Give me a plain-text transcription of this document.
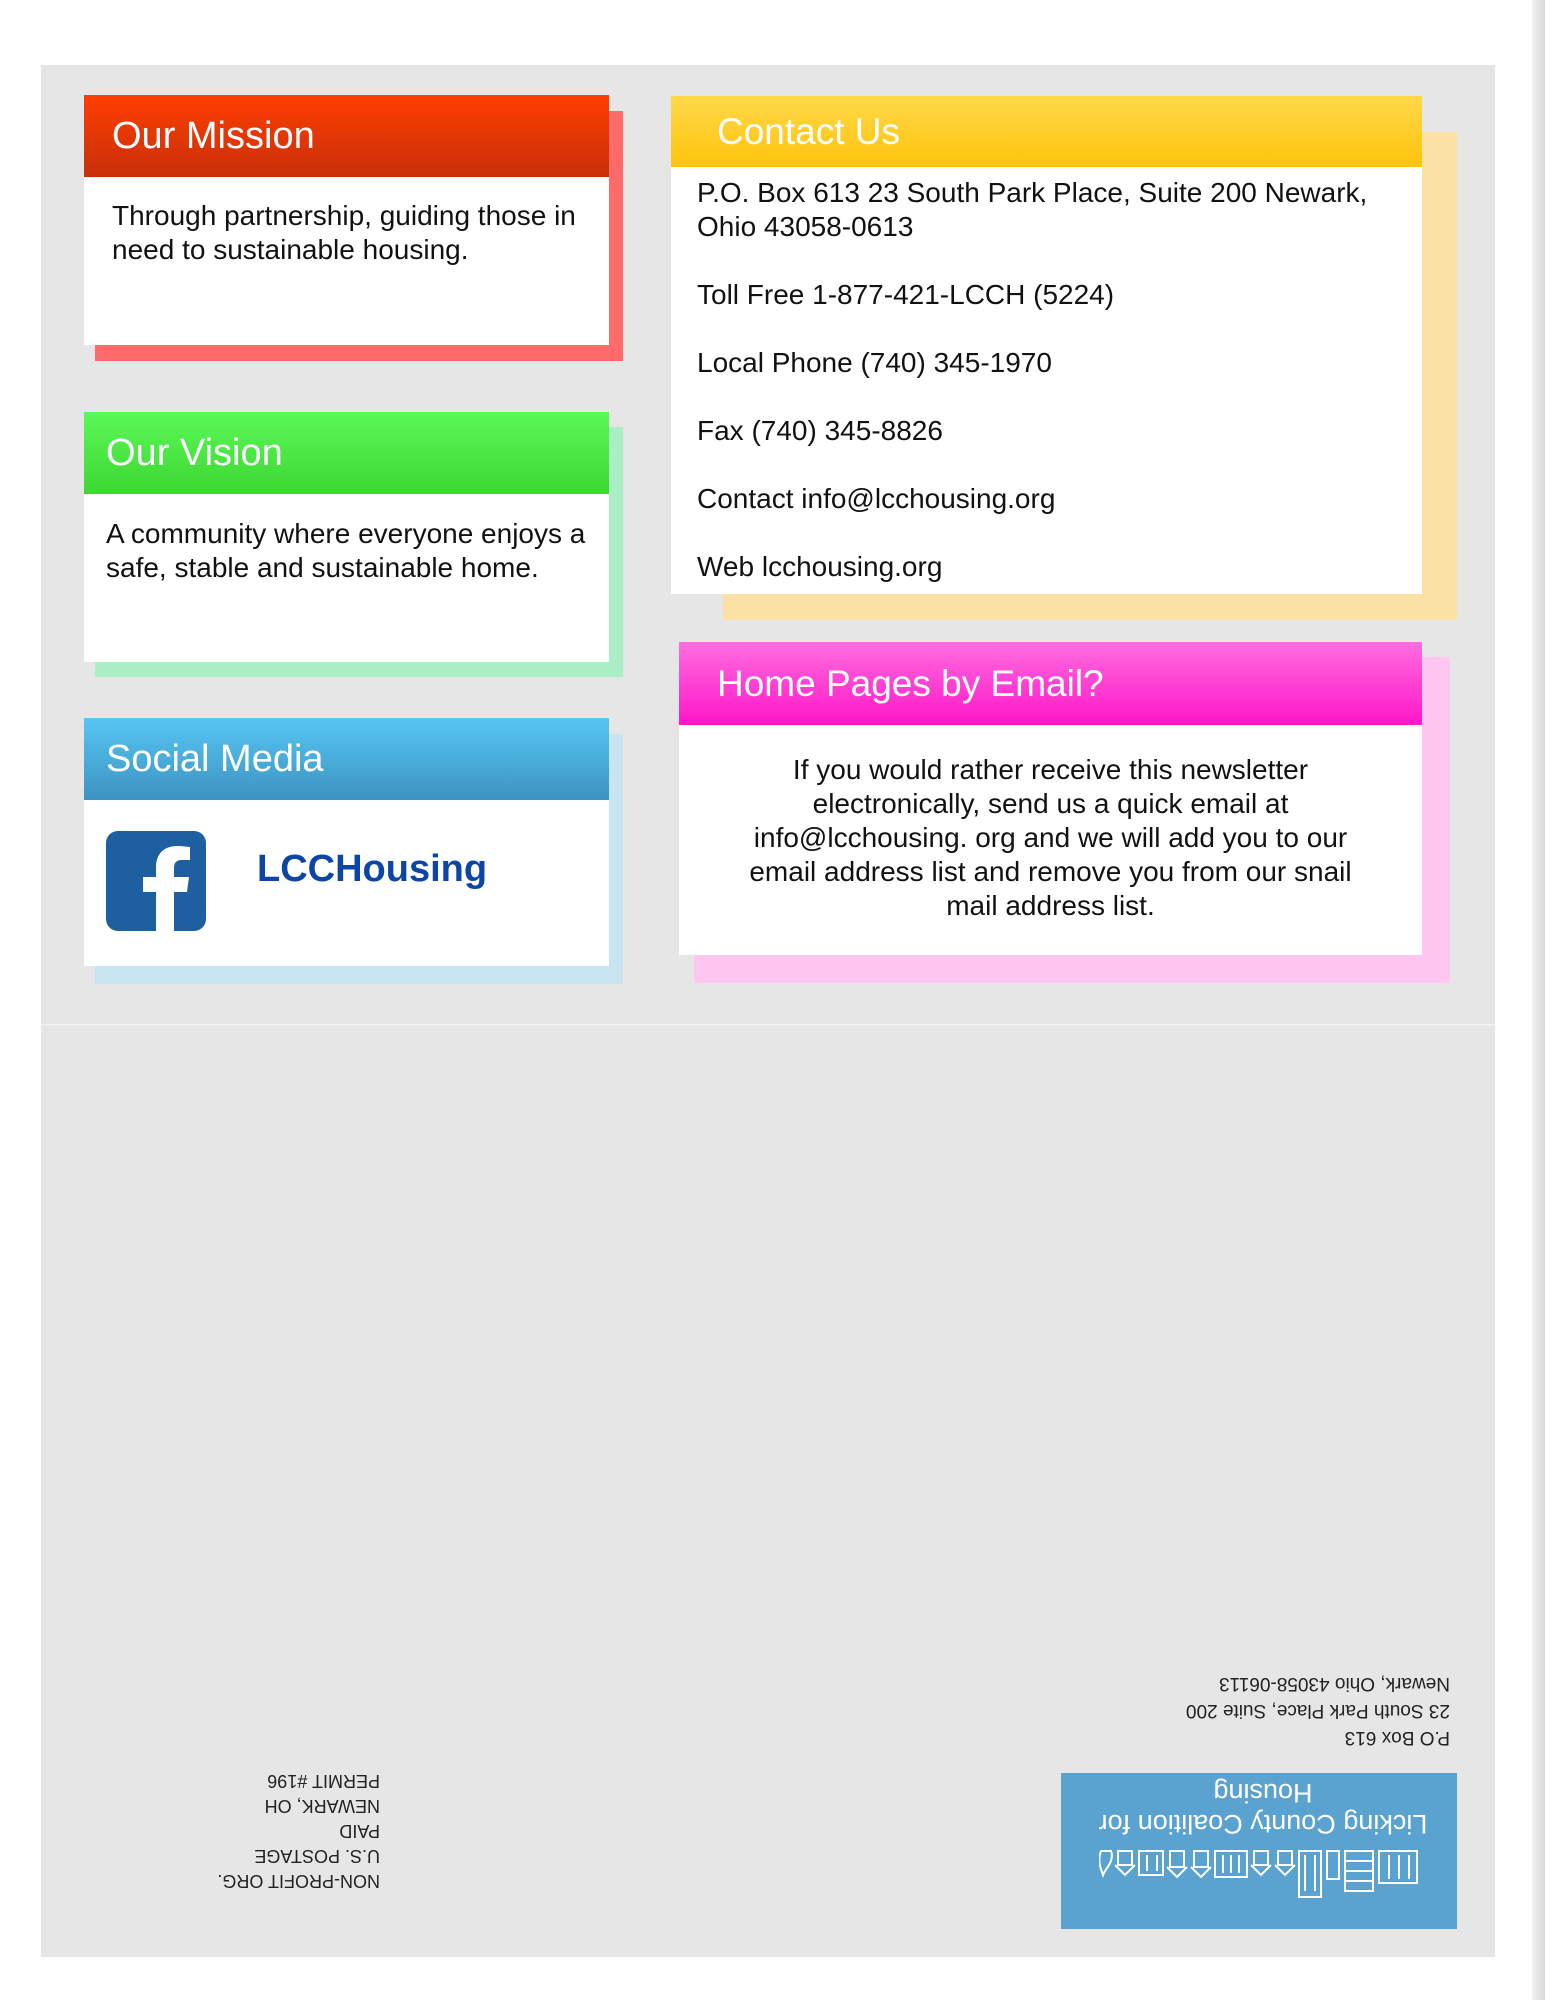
Our Mission
Through partnership, guiding those in need to sustainable housing.
Our Vision
A community where everyone enjoys a safe, stable and sustainable home.
Social Media
LCCHousing
Contact Us
P.O. Box 613 23 South Park Place, Suite 200 Newark, Ohio 43058-0613
Toll Free 1-877-421-LCCH (5224)
Local Phone (740) 345-1970
Fax (740) 345-8826
Contact info@lcchousing.org
Web lcchousing.org
Home Pages by Email?
If you would rather receive this newsletter electronically, send us a quick email at info@lcchousing. org and we will add you to our email address list and remove you from our snail mail address list.
P.O Box 613
23 South Park Place, Suite 200
Newark, Ohio 43058-06113
Licking County Coalition for Housing
NON-PROFIT ORG.
U.S. POSTAGE
PAID
NEWARK, OH
PERMIT #196
